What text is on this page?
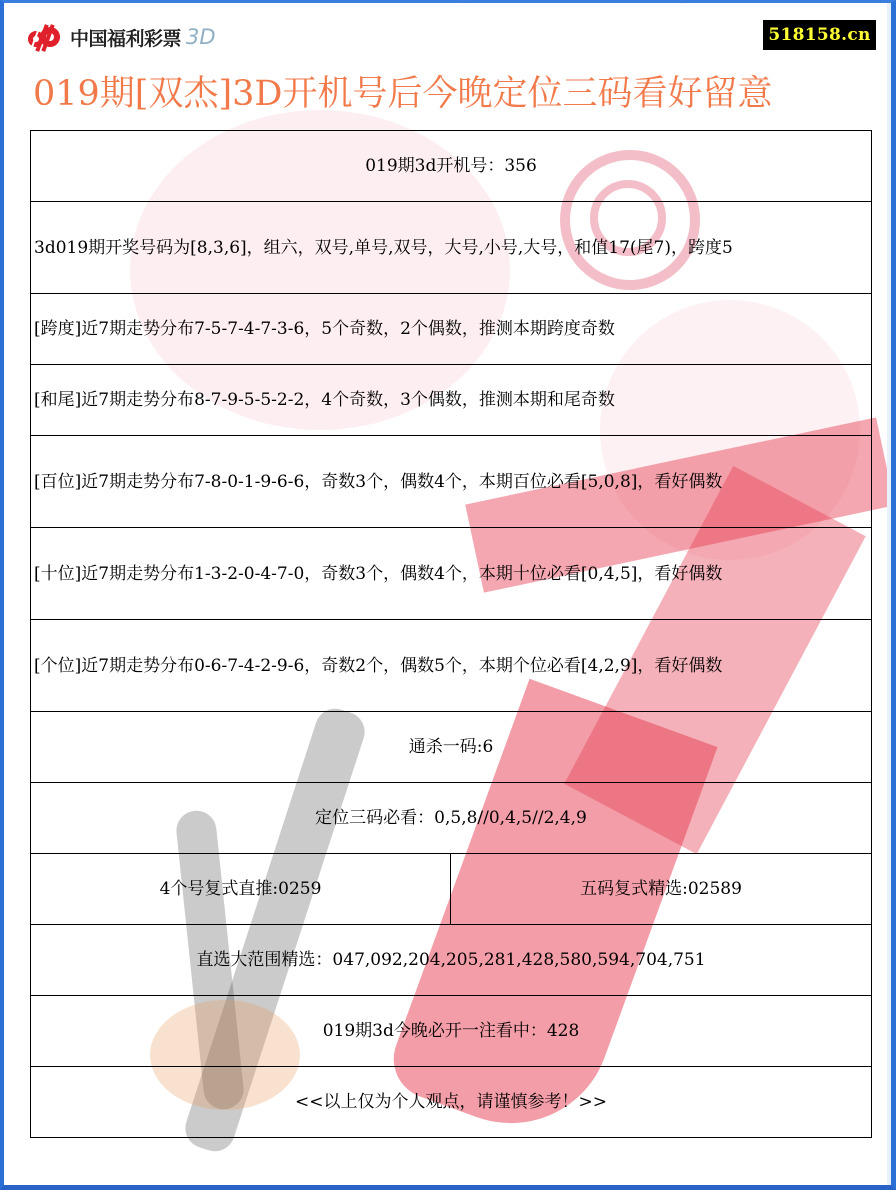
中国福利彩票 3D	518158.cn
019期[双杰]3D开机号后今晚定位三码看好留意
019期3d开机号：356
3d019期开奖号码为[8,3,6]，组六，双号,单号,双号，大号,小号,大号，和值17(尾7)，跨度5
[跨度]近7期走势分布7-5-7-4-7-3-6，5个奇数，2个偶数，推测本期跨度奇数
[和尾]近7期走势分布8-7-9-5-5-2-2，4个奇数，3个偶数，推测本期和尾奇数
[百位]近7期走势分布7-8-0-1-9-6-6，奇数3个，偶数4个，本期百位必看[5,0,8]，看好偶数
[十位]近7期走势分布1-3-2-0-4-7-0，奇数3个，偶数4个，本期十位必看[0,4,5]，看好偶数
[个位]近7期走势分布0-6-7-4-2-9-6，奇数2个，偶数5个，本期个位必看[4,2,9]，看好偶数
通杀一码:6
定位三码必看：0,5,8//0,4,5//2,4,9
4个号复式直推:0259	五码复式精选:02589
直选大范围精选：047,092,204,205,281,428,580,594,704,751
019期3d今晚必开一注看中：428
<<以上仅为个人观点，请谨慎参考！>>
